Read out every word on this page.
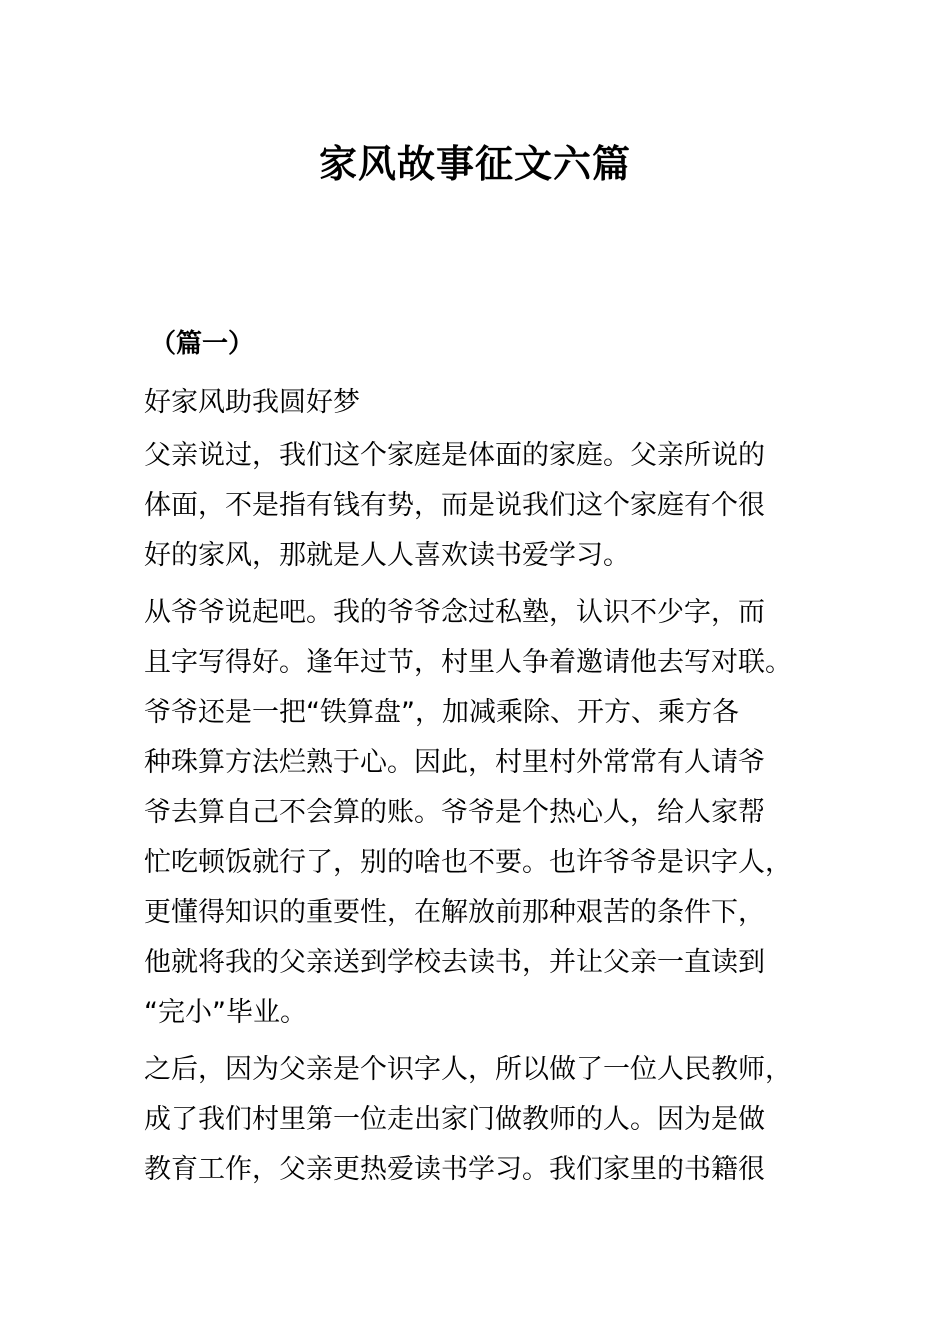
家风故事征文六篇
（篇一）
好家风助我圆好梦
父亲说过，我们这个家庭是体面的家庭。父亲所说的
体面，不是指有钱有势，而是说我们这个家庭有个很
好的家风，那就是人人喜欢读书爱学习。
从爷爷说起吧。我的爷爷念过私塾，认识不少字，而
且字写得好。逢年过节，村里人争着邀请他去写对联。
爷爷还是一把“铁算盘”，加减乘除、开方、乘方各
种珠算方法烂熟于心。因此，村里村外常常有人请爷
爷去算自己不会算的账。爷爷是个热心人，给人家帮
忙吃顿饭就行了，别的啥也不要。也许爷爷是识字人，
更懂得知识的重要性，在解放前那种艰苦的条件下，
他就将我的父亲送到学校去读书，并让父亲一直读到
“完小”毕业。
之后，因为父亲是个识字人，所以做了一位人民教师，
成了我们村里第一位走出家门做教师的人。因为是做
教育工作，父亲更热爱读书学习。我们家里的书籍很
